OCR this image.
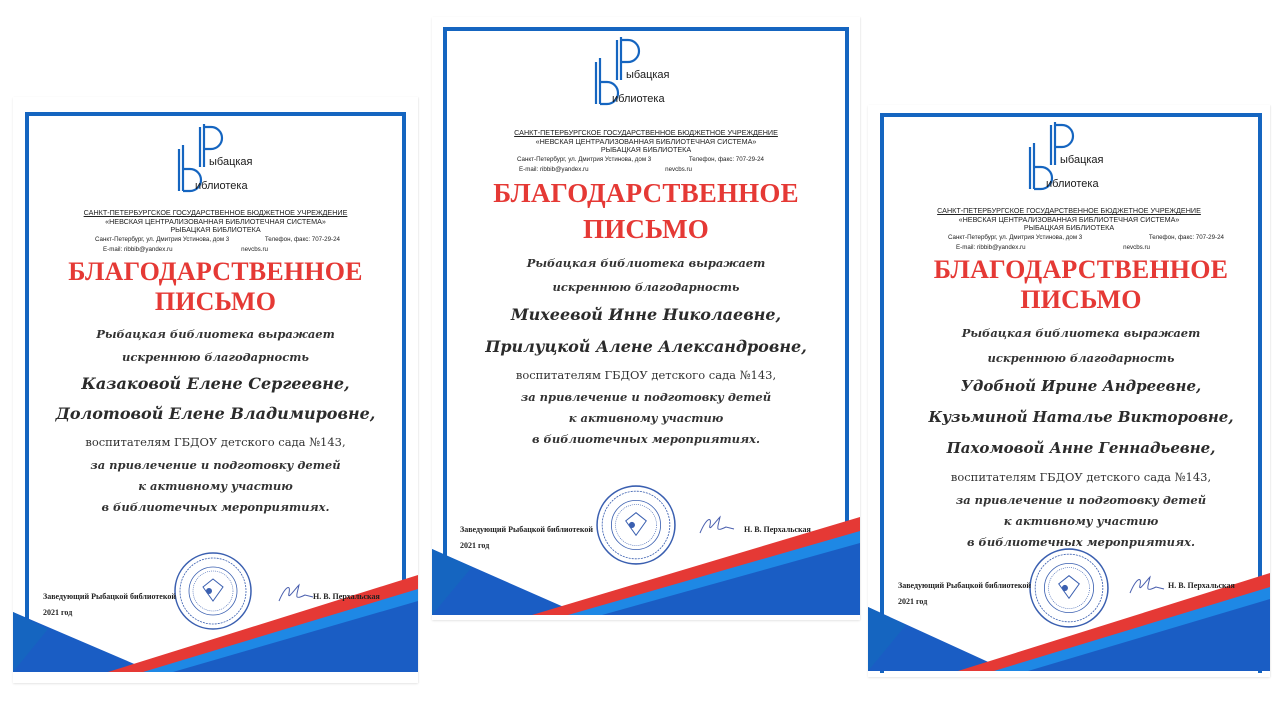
ыбацкая
иблиотека
САНКТ-ПЕТЕРБУРГСКОЕ ГОСУДАРСТВЕННОЕ БЮДЖЕТНОЕ УЧРЕЖДЕНИЕ
«НЕВСКАЯ ЦЕНТРАЛИЗОВАННАЯ БИБЛИОТЕЧНАЯ СИСТЕМА»
РЫБАЦКАЯ БИБЛИОТЕКА
Санкт-Петербург, ул. Дмитрия Устинова, дом 3	Телефон, факс: 707-29-24
E-mail: ribbib@yandex.ru	nevcbs.ru
БЛАГОДАРСТВЕННОЕ
ПИСЬМО
Рыбацкая библиотека выражает
искреннюю благодарность
Казаковой Елене Сергеевне,
Долотовой Елене Владимировне,
воспитателям ГБДОУ детского сада №143,
за привлечение и подготовку детей
к активному участию
в библиотечных мероприятиях.
Заведующий Рыбацкой библиотекой
2021 год
Н. В. Перхальская
ыбацкая
иблиотека
САНКТ-ПЕТЕРБУРГСКОЕ ГОСУДАРСТВЕННОЕ БЮДЖЕТНОЕ УЧРЕЖДЕНИЕ
«НЕВСКАЯ ЦЕНТРАЛИЗОВАННАЯ БИБЛИОТЕЧНАЯ СИСТЕМА»
РЫБАЦКАЯ БИБЛИОТЕКА
Санкт-Петербург, ул. Дмитрия Устинова, дом 3	Телефон, факс: 707-29-24
E-mail: ribbib@yandex.ru	nevcbs.ru
БЛАГОДАРСТВЕННОЕ
ПИСЬМО
Рыбацкая библиотека выражает
искреннюю благодарность
Михеевой Инне Николаевне,
Прилуцкой Алене Александровне,
воспитателям ГБДОУ детского сада №143,
за привлечение и подготовку детей
к активному участию
в библиотечных мероприятиях.
Заведующий Рыбацкой библиотекой
2021 год
Н. В. Перхальская
ыбацкая
иблиотека
САНКТ-ПЕТЕРБУРГСКОЕ ГОСУДАРСТВЕННОЕ БЮДЖЕТНОЕ УЧРЕЖДЕНИЕ
«НЕВСКАЯ ЦЕНТРАЛИЗОВАННАЯ БИБЛИОТЕЧНАЯ СИСТЕМА»
РЫБАЦКАЯ БИБЛИОТЕКА
Санкт-Петербург, ул. Дмитрия Устинова, дом 3	Телефон, факс: 707-29-24
E-mail: ribbib@yandex.ru	nevcbs.ru
БЛАГОДАРСТВЕННОЕ
ПИСЬМО
Рыбацкая библиотека выражает
искреннюю благодарность
Удобной Ирине Андреевне,
Кузьминой Наталье Викторовне,
Пахомовой Анне Геннадьевне,
воспитателям ГБДОУ детского сада №143,
за привлечение и подготовку детей
к активному участию
в библиотечных мероприятиях.
Заведующий Рыбацкой библиотекой
2021 год
Н. В. Перхальская
